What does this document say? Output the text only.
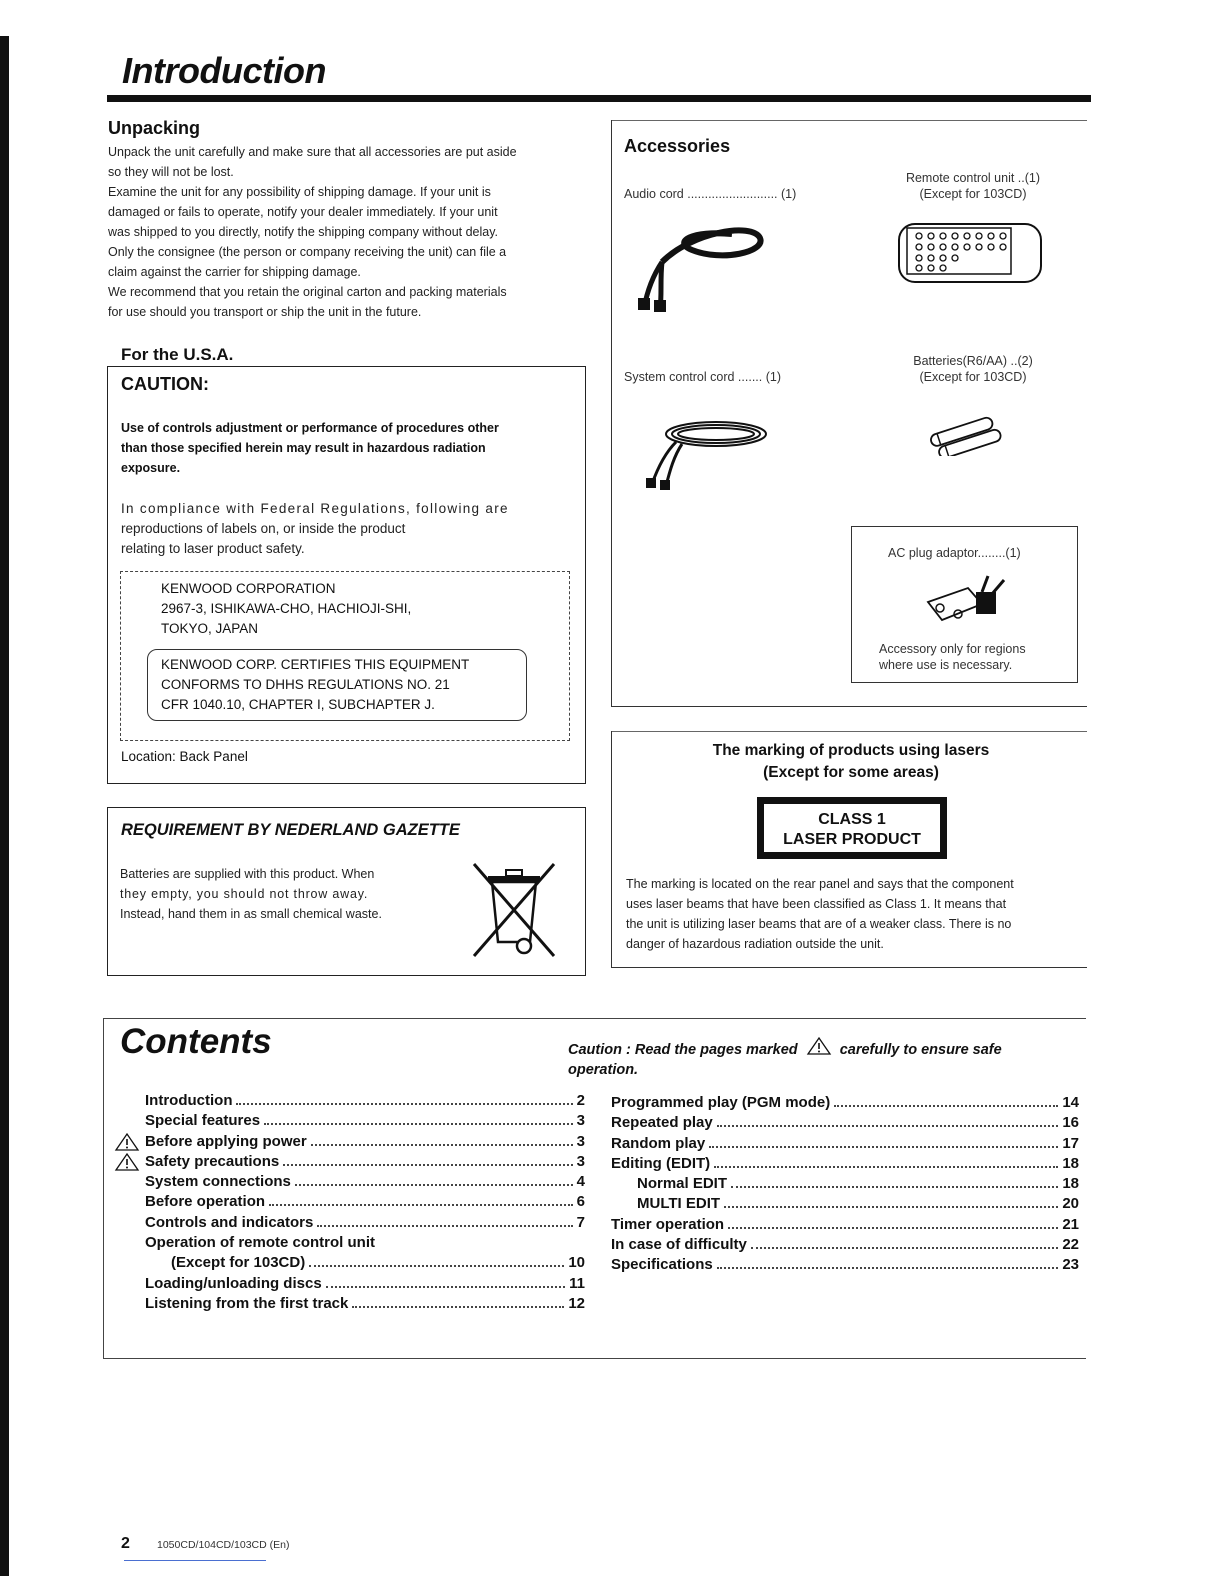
Introduction
Unpacking
Unpack the unit carefully and make sure that all accessories are put aside
so they will not be lost.
Examine the unit for any possibility of shipping damage. If your unit is
damaged or fails to operate, notify your dealer immediately. If your unit
was shipped to you directly, notify the shipping company without delay.
Only the consignee (the person or company receiving the unit) can file a
claim against the carrier for shipping damage.
We recommend that you retain the original carton and packing materials
for use should you transport or ship the unit in the future.
For the U.S.A.
CAUTION:
Use of controls adjustment or performance of procedures other
than those specified herein may result in hazardous radiation
exposure.
In compliance with Federal Regulations, following are
reproductions of labels on, or inside the product
relating to laser product safety.
KENWOOD CORPORATION
2967-3, ISHIKAWA-CHO, HACHIOJI-SHI,
TOKYO, JAPAN
KENWOOD CORP. CERTIFIES THIS EQUIPMENT
CONFORMS TO DHHS REGULATIONS NO. 21
CFR 1040.10, CHAPTER I, SUBCHAPTER J.
Location: Back Panel
REQUIREMENT BY NEDERLAND GAZETTE
Batteries are supplied with this product. When
they empty, you should not throw away.
Instead, hand them in as small chemical waste.
Accessories
Audio cord .......................... (1)
Remote control unit ..(1)
(Except for 103CD)
System control cord ....... (1)
Batteries(R6/AA) ..(2)
(Except for 103CD)
AC plug adaptor........(1)
Accessory only for regions
where use is necessary.
The marking of products using lasers
(Except for some areas)
CLASS 1
LASER PRODUCT
The marking is located on the rear panel and says that the component
uses laser beams that have been classified as Class 1. It means that
the unit is utilizing laser beams that are of a weaker class. There is no
danger of hazardous radiation outside the unit.
Contents	Caution : Read the pages marked	carefully to ensure safe
operation.
Introduction	2
Special features	3
Before applying power	3
Safety precautions	3
System connections	4
Before operation	6
Controls and indicators	7
Operation of remote control unit
(Except for 103CD)	10
Loading/unloading discs	11
Listening from the first track	12
Programmed play (PGM mode)	14
Repeated play	16
Random play	17
Editing (EDIT)	18
Normal EDIT	18
MULTI EDIT	20
Timer operation	21
In case of difficulty	22
Specifications	23
2	1050CD/104CD/103CD (En)
